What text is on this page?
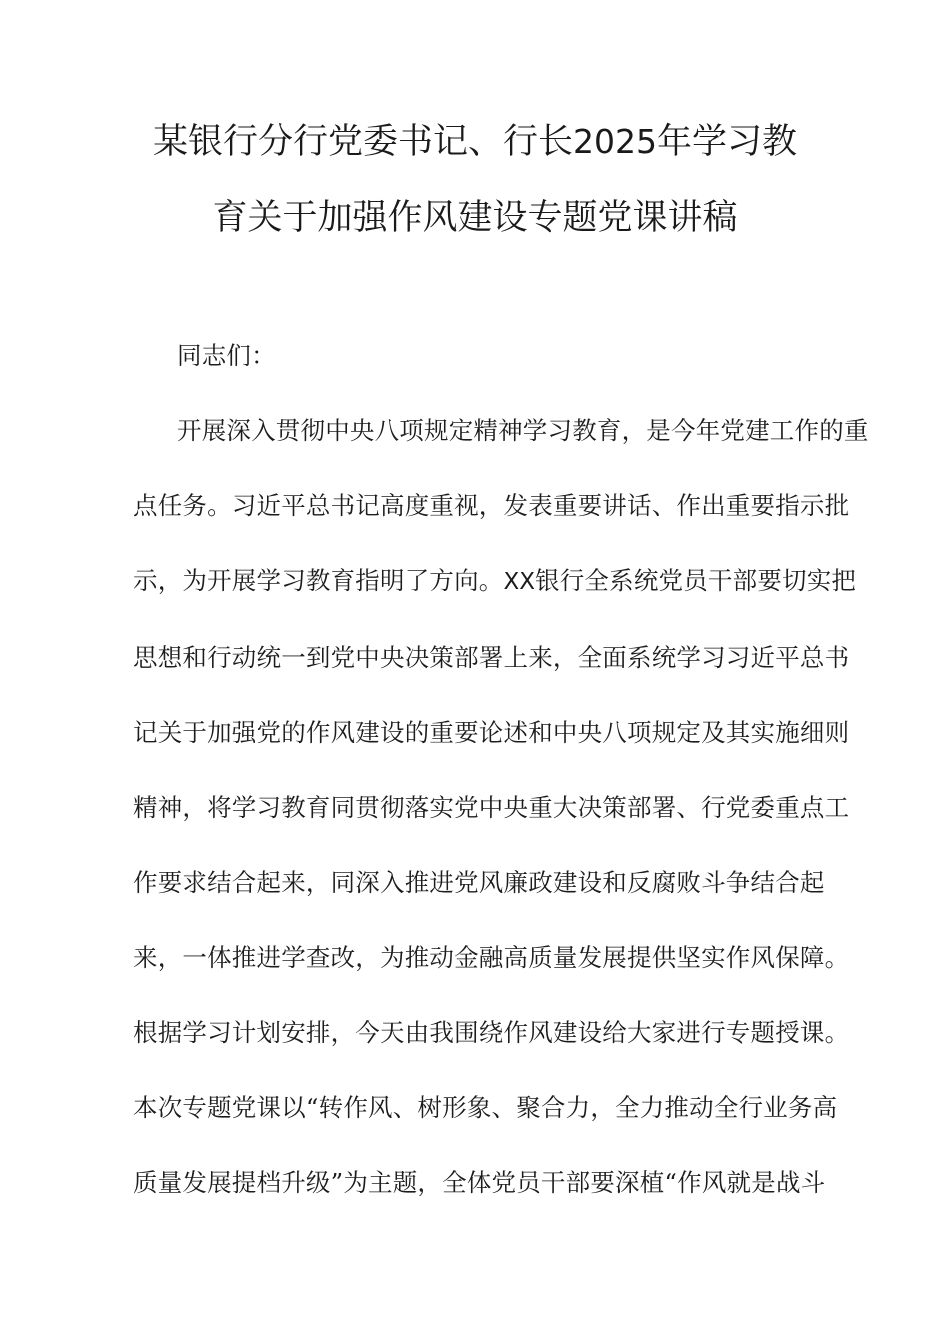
某银行分行党委书记、行长2025年学习教
育关于加强作风建设专题党课讲稿
同志们：
开展深入贯彻中央八项规定精神学习教育，是今年党建工作的重
点任务。习近平总书记高度重视，发表重要讲话、作出重要指示批
示，为开展学习教育指明了方向。XX银行全系统党员干部要切实把
思想和行动统一到党中央决策部署上来，全面系统学习习近平总书
记关于加强党的作风建设的重要论述和中央八项规定及其实施细则
精神，将学习教育同贯彻落实党中央重大决策部署、行党委重点工
作要求结合起来，同深入推进党风廉政建设和反腐败斗争结合起
来，一体推进学查改，为推动金融高质量发展提供坚实作风保障。
根据学习计划安排，今天由我围绕作风建设给大家进行专题授课。
本次专题党课以“转作风、树形象、聚合力，全力推动全行业务高
质量发展提档升级”为主题，全体党员干部要深植“作风就是战斗
